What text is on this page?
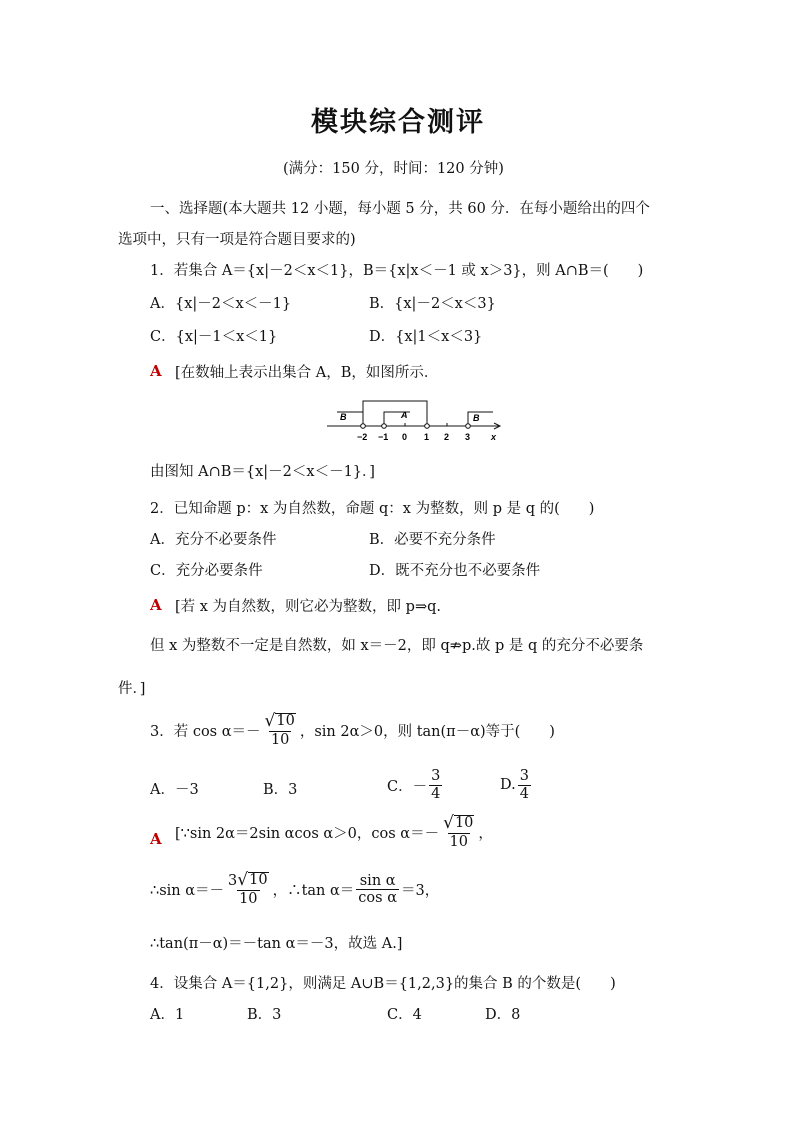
模块综合测评
(满分：150 分，时间：120 分钟)
一、选择题(本大题共 12 小题，每小题 5 分，共 60 分．在每小题给出的四个
选项中，只有一项是符合题目要求的)
1．若集合 A＝{x|－2＜x＜1}，B＝{x|x＜－1 或 x＞3}，则 A∩B＝(　　)
A．{x|－2＜x＜－1}	B．{x|－2＜x＜3}
C．{x|－1＜x＜1}	D．{x|1＜x＜3}
A [在数轴上表示出集合 A，B，如图所示．
B	A	B
−2 −1 0 1 2 3 x
由图知 A∩B＝{x|－2＜x＜－1}．]
2．已知命题 p：x 为自然数，命题 q：x 为整数，则 p 是 q 的(　　)
A．充分不必要条件	B．必要不充分条件
C．充分必要条件	D．既不充分也不必要条件
A [若 x 为自然数，则它必为整数，即 p⇒q.
但 x 为整数不一定是自然数，如 x＝－2，即 q⇏p.故 p 是 q 的充分不必要条
件．]
3．若 $\cos \alpha=- \frac{√ 10}{10}$ ，sin 2α＞0，则 tan(π－α)等于(　　)
A．－3	B．3	C．－ $\frac{3}{4}$	D. $\frac{3}{4}$
A [∵sin 2α＝2sin αcos α＞0，$\cos \alpha=- \frac{√ 10}{10}$ ，
∴sin $\alpha=- \frac{3 √ 10}{10}$ ，∴tan $\alpha= \frac{\text{sin α}}{\text{cos α}} =3$，
∴tan(π－α)＝－tan α＝－3，故选 A.]
4．设集合 A＝{1,2}，则满足 A∪B＝{1,2,3}的集合 B 的个数是(　　)
A．1	B．3	C．4	D．8
